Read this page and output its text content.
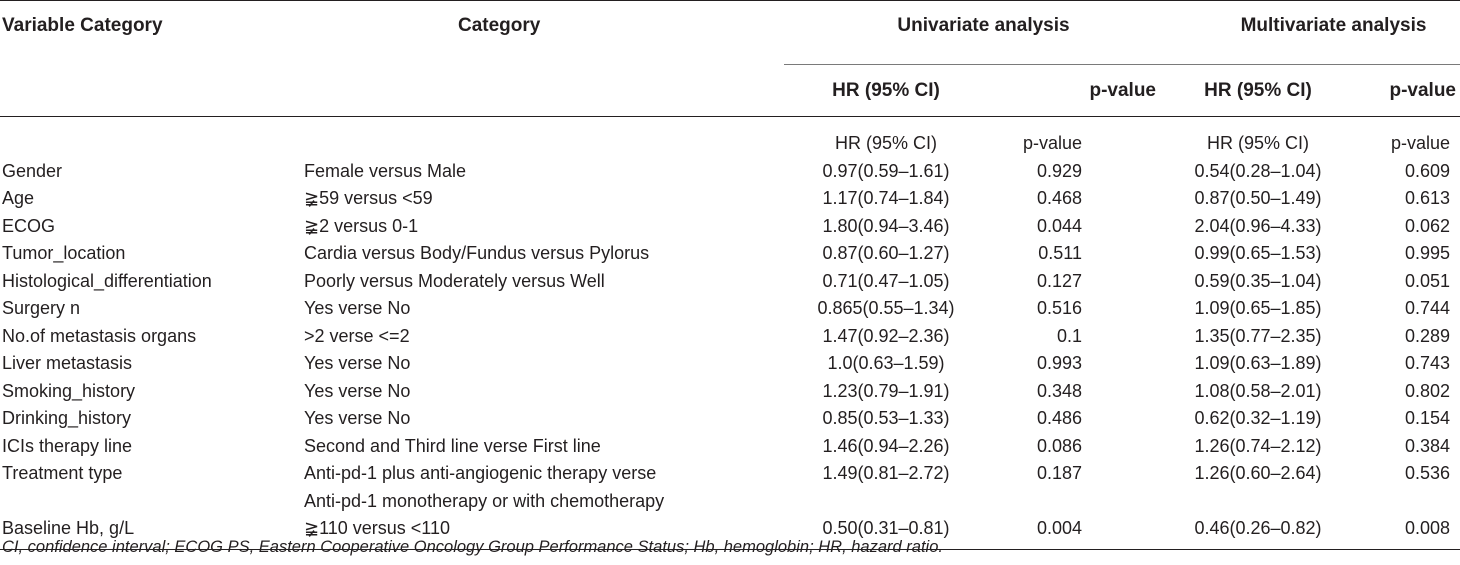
Variable Category	Category	Univariate analysis		Multivariate analysis	
		HR (95% CI)	p-value	HR (95% CI)	p-value
		HR (95% CI)	p-value	HR (95% CI)	p-value
Gender	Female versus Male	0.97(0.59–1.61)	0.929	0.54(0.28–1.04)	0.609
Age	≩59 versus <59	1.17(0.74–1.84)	0.468	0.87(0.50–1.49)	0.613
ECOG	≩2 versus 0-1	1.80(0.94–3.46)	0.044	2.04(0.96–4.33)	0.062
Tumor_location	Cardia versus Body/Fundus versus Pylorus	0.87(0.60–1.27)	0.511	0.99(0.65–1.53)	0.995
Histological_differentiation	Poorly versus Moderately versus Well	0.71(0.47–1.05)	0.127	0.59(0.35–1.04)	0.051
Surgery n	Yes verse No	0.865(0.55–1.34)	0.516	1.09(0.65–1.85)	0.744
No.of metastasis organs	>2 verse <=2	1.47(0.92–2.36)	0.1	1.35(0.77–2.35)	0.289
Liver metastasis	Yes verse No	1.0(0.63–1.59)	0.993	1.09(0.63–1.89)	0.743
Smoking_history	Yes verse No	1.23(0.79–1.91)	0.348	1.08(0.58–2.01)	0.802
Drinking_history	Yes verse No	0.85(0.53–1.33)	0.486	0.62(0.32–1.19)	0.154
ICIs therapy line	Second and Third line verse First line	1.46(0.94–2.26)	0.086	1.26(0.74–2.12)	0.384
Treatment type	Anti-pd-1 plus anti-angiogenic therapy verse	1.49(0.81–2.72)	0.187	1.26(0.60–2.64)	0.536
	Anti-pd-1 monotherapy or with chemotherapy				
Baseline Hb, g/L	≩110 versus <110	0.50(0.31–0.81)	0.004	0.46(0.26–0.82)	0.008
CI, confidence interval; ECOG PS, Eastern Cooperative Oncology Group Performance Status; Hb, hemoglobin; HR, hazard ratio.
